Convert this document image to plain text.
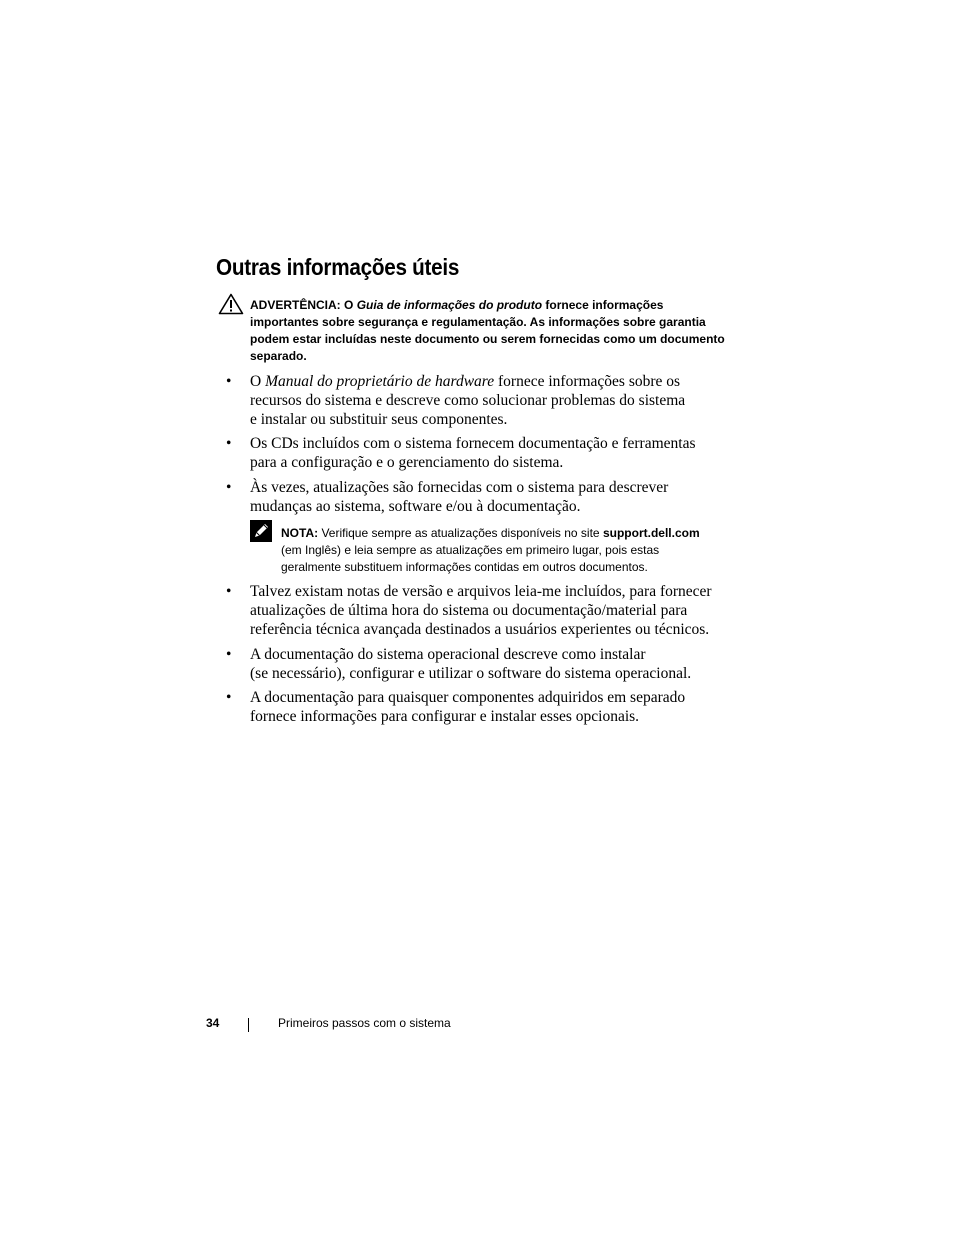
Outras informações úteis
ADVERTÊNCIA: O Guia de informações do produto fornece informações
importantes sobre segurança e regulamentação. As informações sobre garantia
podem estar incluídas neste documento ou serem fornecidas como um documento
separado.
• O Manual do proprietário de hardware fornece informações sobre os
recursos do sistema e descreve como solucionar problemas do sistema
e instalar ou substituir seus componentes.
• Os CDs incluídos com o sistema fornecem documentação e ferramentas
para a configuração e o gerenciamento do sistema.
• Às vezes, atualizações são fornecidas com o sistema para descrever
mudanças ao sistema, software e/ou à documentação.
NOTA: Verifique sempre as atualizações disponíveis no site support.dell.com
(em Inglês) e leia sempre as atualizações em primeiro lugar, pois estas
geralmente substituem informações contidas em outros documentos.
• Talvez existam notas de versão e arquivos leia-me incluídos, para fornecer
atualizações de última hora do sistema ou documentação/material para
referência técnica avançada destinados a usuários experientes ou técnicos.
• A documentação do sistema operacional descreve como instalar
(se necessário), configurar e utilizar o software do sistema operacional.
• A documentação para quaisquer componentes adquiridos em separado
fornece informações para configurar e instalar esses opcionais.
34	Primeiros passos com o sistema
